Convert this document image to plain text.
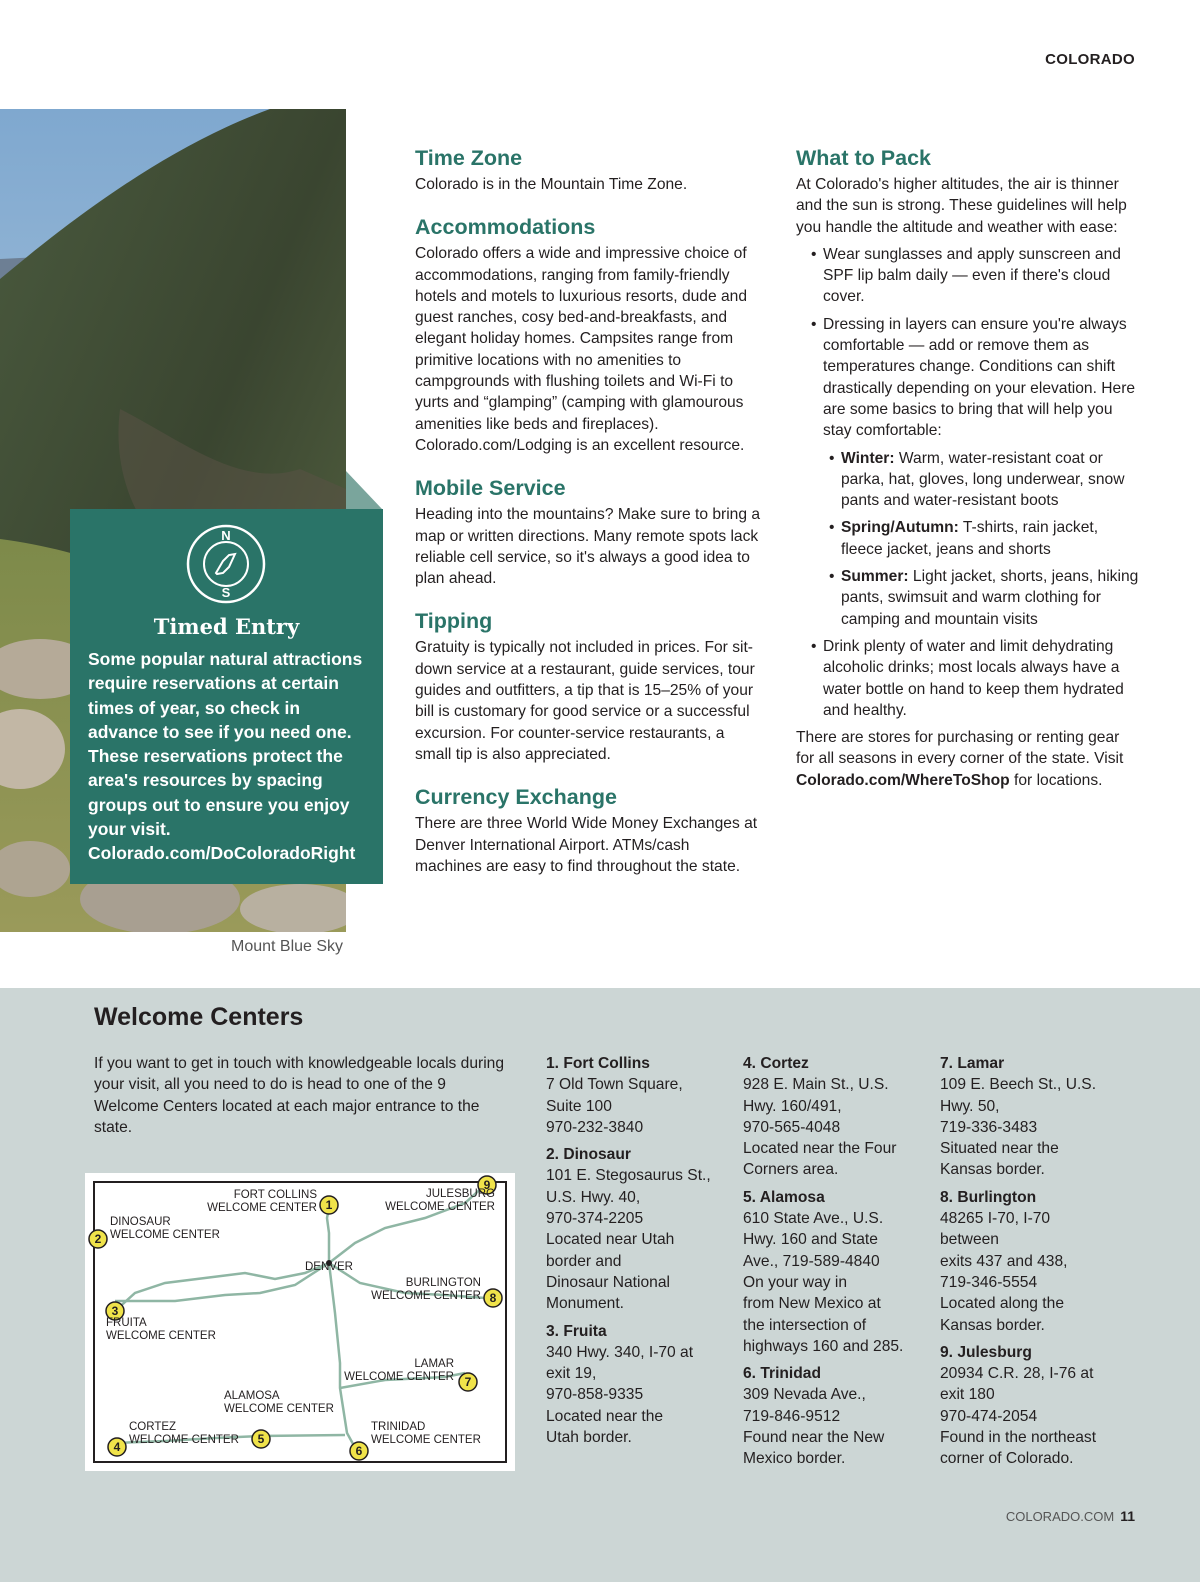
COLORADO
Mount Blue Sky
N
S
Timed Entry
Some popular natural attractions require reservations at certain times of year, so check in advance to see if you need one. These reservations protect the area's resources by spacing groups out to ensure you enjoy your visit. Colorado.com/DoColoradoRight
Time Zone

Colorado is in the Mountain Time Zone.

Accommodations

Colorado offers a wide and impressive choice of accommodations, ranging from family-friendly hotels and motels to luxurious resorts, dude and guest ranches, cosy bed-and-breakfasts, and elegant holiday homes. Campsites range from primitive locations with no amenities to campgrounds with flushing toilets and Wi-Fi to yurts and “glamping” (camping with glamourous amenities like beds and fireplaces). Colorado.com/Lodging is an excellent resource.

Mobile Service

Heading into the mountains? Make sure to bring a map or written directions. Many remote spots lack reliable cell service, so it's always a good idea to plan ahead.

Tipping

Gratuity is typically not included in prices. For sit-down service at a restaurant, guide services, tour guides and outfitters, a tip that is 15–25% of your bill is customary for good service or a successful excursion. For counter-service restaurants, a small tip is also appreciated.

Currency Exchange

There are three World Wide Money Exchanges at Denver International Airport. ATMs/cash machines are easy to find throughout the state.

What to Pack

At Colorado's higher altitudes, the air is thinner and the sun is strong. These guidelines will help you handle the altitude and weather with ease:

• Wear sunglasses and apply sunscreen and SPF lip balm daily — even if there's cloud cover.
• Dressing in layers can ensure you're always comfortable — add or remove them as temperatures change. Conditions can shift drastically depending on your elevation. Here are some basics to bring that will help you stay comfortable:
• Winter: Warm, water-resistant coat or parka, hat, gloves, long underwear, snow pants and water-resistant boots
• Spring/Autumn: T-shirts, rain jacket, fleece jacket, jeans and shorts
• Summer: Light jacket, shorts, jeans, hiking pants, swimsuit and warm clothing for camping and mountain visits
• Drink plenty of water and limit dehydrating alcoholic drinks; most locals always have a water bottle on hand to keep them hydrated and healthy.

There are stores for purchasing or renting gear for all seasons in every corner of the state. Visit Colorado.com/WhereToShop for locations.

Welcome Centers
If you want to get in touch with knowledgeable locals during your visit, all you need to do is head to one of the 9 Welcome Centers located at each major entrance to the state.
1
2
3
4
5
6
7
8
9
FORT COLLINS
WELCOME CENTER
JULESBURG
WELCOME CENTER
DINOSAUR
WELCOME CENTER
DENVER
BURLINGTON
WELCOME CENTER
FRUITA
WELCOME CENTER
LAMAR
WELCOME CENTER
ALAMOSA
WELCOME CENTER
CORTEZ
WELCOME CENTER
TRINIDAD
WELCOME CENTER
1. Fort Collins
7 Old Town Square,
Suite 100
970-232-3840
2. Dinosaur
101 E. Stegosaurus St.,
U.S. Hwy. 40,
970-374-2205
Located near Utah
border and
Dinosaur National
Monument.
3. Fruita
340 Hwy. 340, I-70 at
exit 19,
970-858-9335
Located near the
Utah border.
4. Cortez
928 E. Main St., U.S.
Hwy. 160/491,
970-565-4048
Located near the Four
Corners area.
5. Alamosa
610 State Ave., U.S.
Hwy. 160 and State
Ave., 719-589-4840
On your way in
from New Mexico at
the intersection of
highways 160 and 285.
6. Trinidad
309 Nevada Ave.,
719-846-9512
Found near the New
Mexico border.
7. Lamar
109 E. Beech St., U.S.
Hwy. 50,
719-336-3483
Situated near the
Kansas border.
8. Burlington
48265 I-70, I-70
between
exits 437 and 438,
719-346-5554
Located along the
Kansas border.
9. Julesburg
20934 C.R. 28, I-76 at
exit 180
970-474-2054
Found in the northeast
corner of Colorado.
COLORADO.COM 11
